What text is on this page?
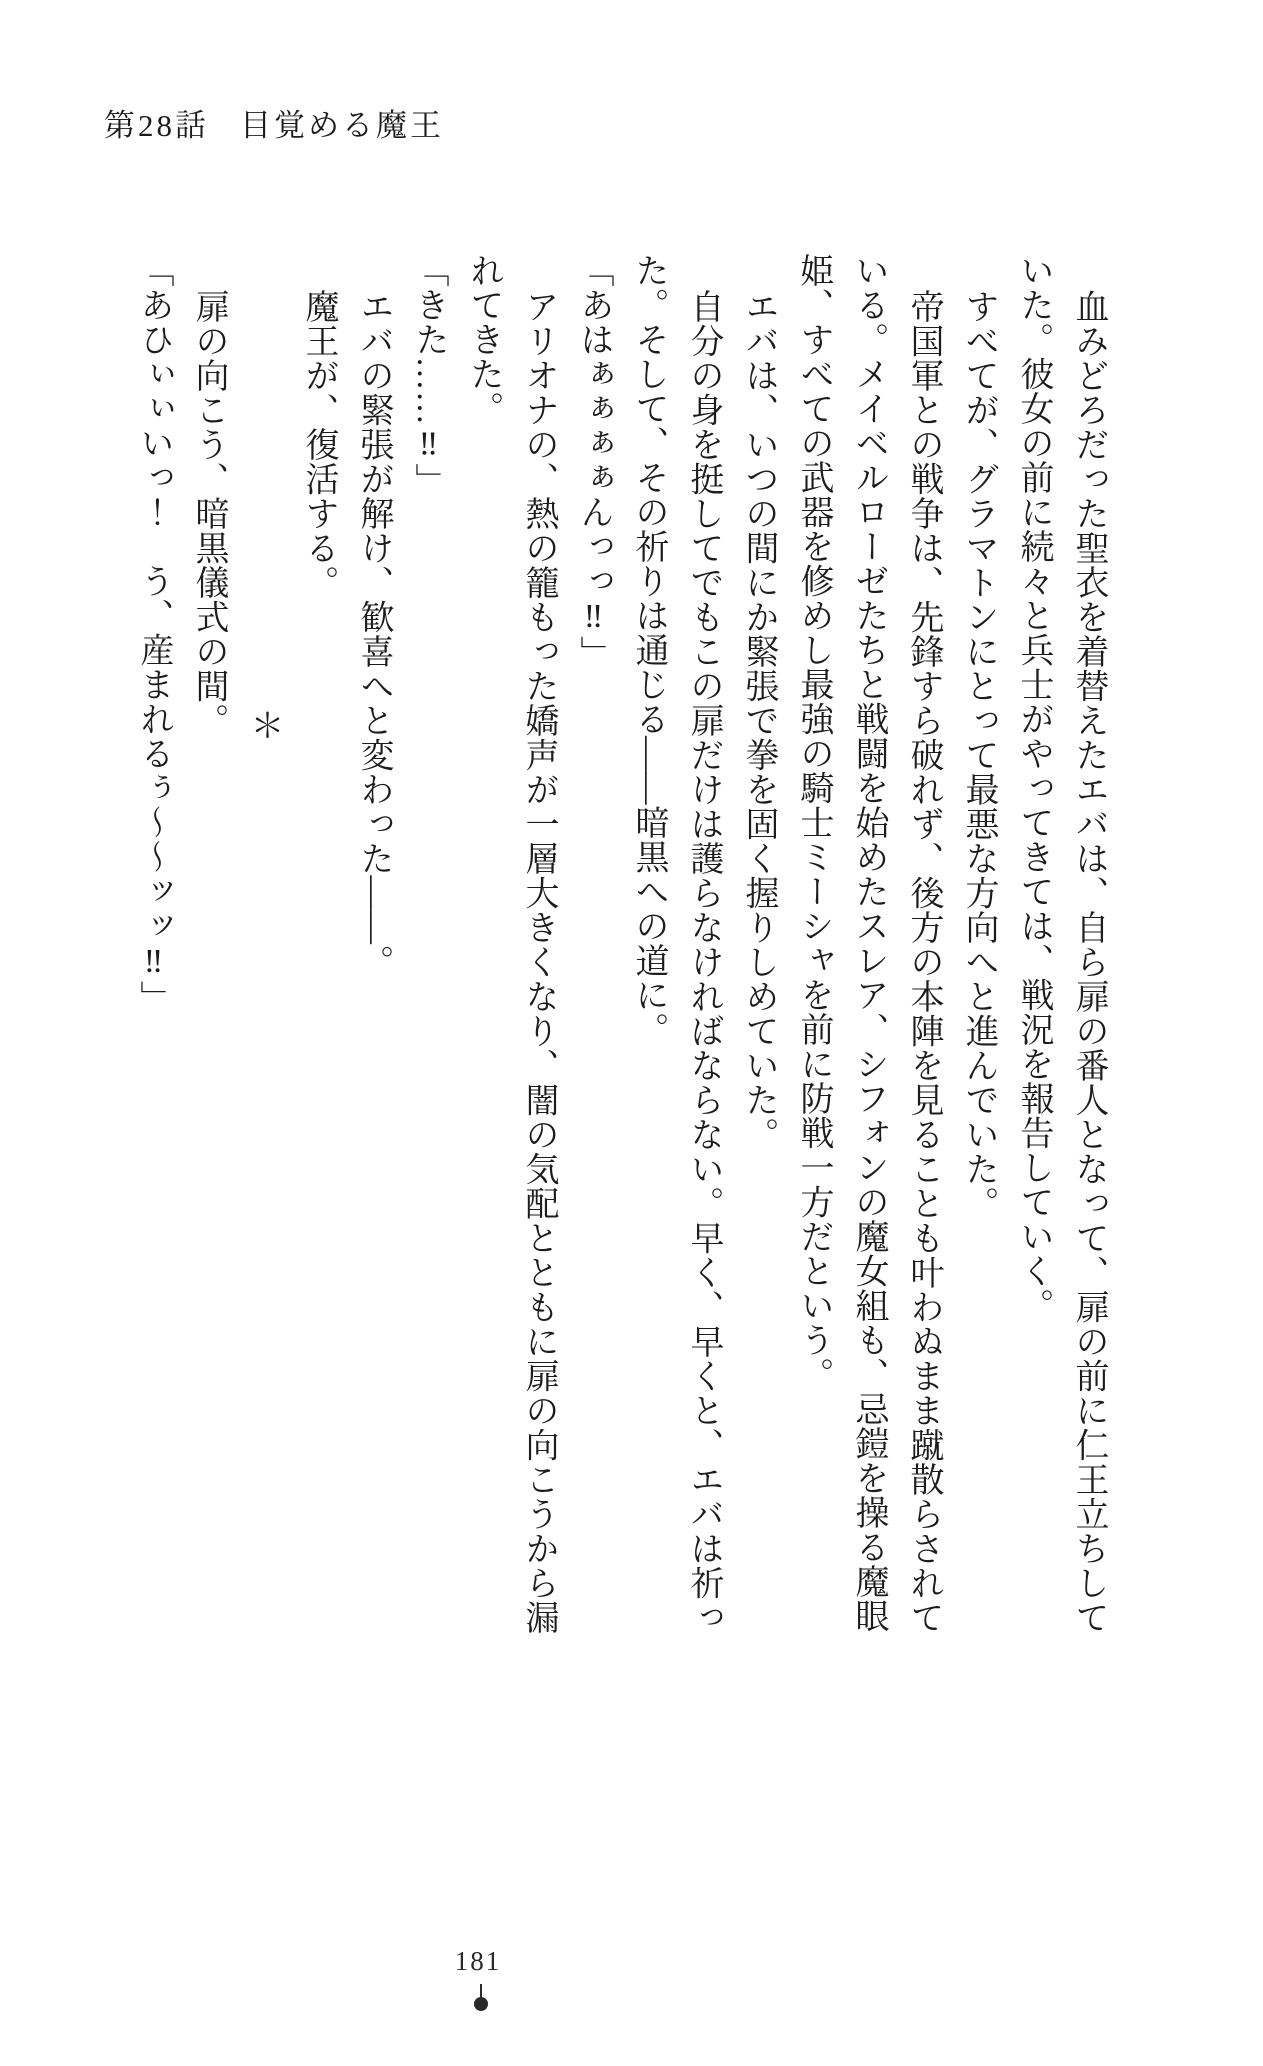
第28話 目覚める魔王

血みどろだった聖衣を着替えたエバは、自ら扉の番人となって、扉の前に仁王立ちして

いた。彼女の前に続々と兵士がやってきては、戦況を報告していく。

すべてが、グラマトンにとって最悪な方向へと進んでいた。

帝国軍との戦争は、先鋒すら破れず、後方の本陣を見ることも叶わぬまま蹴散らされて

いる。メイベルローゼたちと戦闘を始めたスレア、シフォンの魔女組も、忌鎧を操る魔眼

姫、すべての武器を修めし最強の騎士ミーシャを前に防戦一方だという。

エバは、いつの間にか緊張で拳を固く握りしめていた。

自分の身を挺してでもこの扉だけは護らなければならない。早く、早くと、エバは祈っ

た。そして、その祈りは通じる――暗黒への道に。

「あはぁぁぁぁんっっ‼」

アリオナの、熱の籠もった嬌声が一層大きくなり、闇の気配とともに扉の向こうから漏

れてきた。

「きた……‼」

エバの緊張が解け、歓喜へと変わった――。

魔王が、復活する。

＊

扉の向こう、暗黒儀式の間。

「あひぃぃいっ！　う、産まれるぅ～～ッッ‼」

181
